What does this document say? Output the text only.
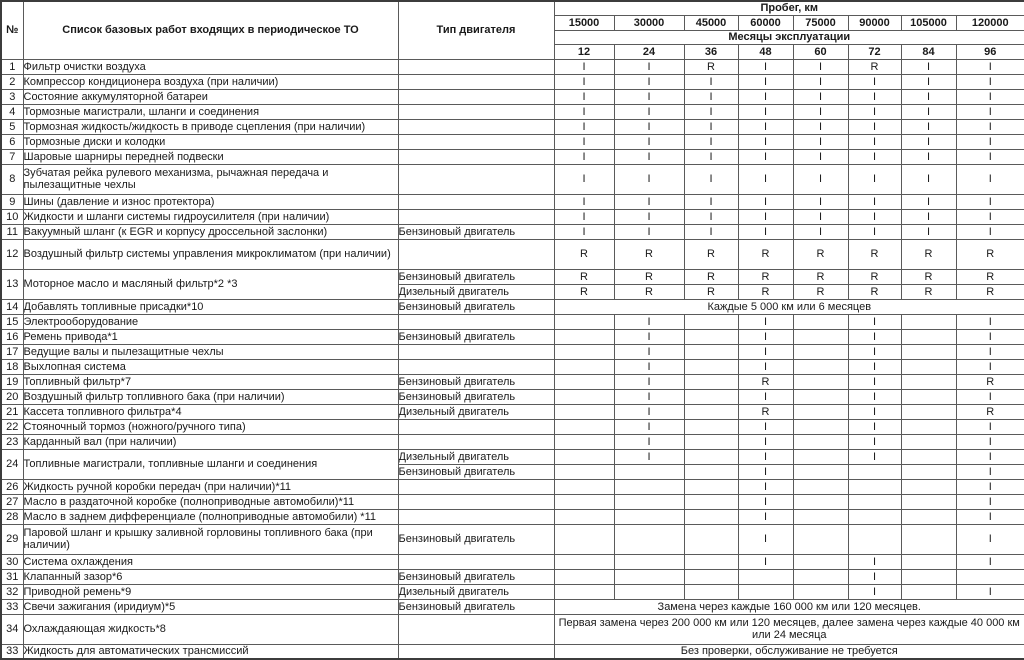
№	Список базовых работ входящих в периодическое ТО	Тип двигателя	Пробег, км							
			15000	30000	45000	60000	75000	90000	105000	120000
			Месяцы эксплуатации							
			12	24	36	48	60	72	84	96
1	Фильтр очистки воздуха		I	I	R	I	I	R	I	I
2	Компрессор кондиционера воздуха (при наличии)		I	I	I	I	I	I	I	I
3	Состояние аккумуляторной батареи		I	I	I	I	I	I	I	I
4	Тормозные магистрали, шланги и соединения		I	I	I	I	I	I	I	I
5	Тормозная жидкость/жидкость в приводе сцепления (при наличии)		I	I	I	I	I	I	I	I
6	Тормозные диски и колодки		I	I	I	I	I	I	I	I
7	Шаровые шарниры передней подвески		I	I	I	I	I	I	I	I
8	Зубчатая рейка рулевого механизма, рычажная передача и пылезащитные чехлы		I	I	I	I	I	I	I	I
9	Шины (давление и износ протектора)		I	I	I	I	I	I	I	I
10	Жидкости и шланги системы гидроусилителя (при наличии)		I	I	I	I	I	I	I	I
11	Вакуумный шланг (к EGR и корпусу дроссельной заслонки)	Бензиновый двигатель	I	I	I	I	I	I	I	I
12	Воздушный фильтр системы управления микроклиматом (при наличии)		R	R	R	R	R	R	R	R
13	Моторное масло и масляный фильтр*2 *3	Бензиновый двигатель	R	R	R	R	R	R	R	R
		Дизельный двигатель	R	R	R	R	R	R	R	R
14	Добавлять топливные присадки*10	Бензиновый двигатель	Каждые 5 000 км или 6 месяцев							
15	Электрооборудование			I		I		I		I
16	Ремень привода*1	Бензиновый двигатель		I		I		I		I
17	Ведущие валы и пылезащитные чехлы			I		I		I		I
18	Выхлопная система			I		I		I		I
19	Топливный фильтр*7	Бензиновый двигатель		I		R		I		R
20	Воздушный фильтр топливного бака (при наличии)	Бензиновый двигатель		I		I		I		I
21	Кассета топливного фильтра*4	Дизельный двигатель		I		R		I		R
22	Стояночный тормоз (ножного/ручного типа)			I		I		I		I
23	Карданный вал (при наличии)			I		I		I		I
24	Топливные магистрали, топливные шланги и соединения	Дизельный двигатель		I		I		I		I
		Бензиновый двигатель				I				I
26	Жидкость ручной коробки передач (при наличии)*11					I				I
27	Масло в раздаточной коробке (полноприводные автомобили)*11					I				I
28	Масло в заднем дифференциале (полноприводные автомобили) *11					I				I
29	Паровой шланг и крышку заливной горловины топливного бака (при наличии)	Бензиновый двигатель				I				I
30	Система охлаждения					I		I		I
31	Клапанный зазор*6	Бензиновый двигатель						I		
32	Приводной ремень*9	Дизельный двигатель						I		I
33	Свечи зажигания (иридиум)*5	Бензиновый двигатель	Замена через каждые 160 000 км или 120 месяцев.							
34	Охлаждаяющая жидкость*8		Первая замена через 200 000 км или 120 месяцев, далее замена через каждые 40 000 км или 24 месяца							
33	Жидкость для автоматических трансмиссий		Без проверки, обслуживание не требуется							
